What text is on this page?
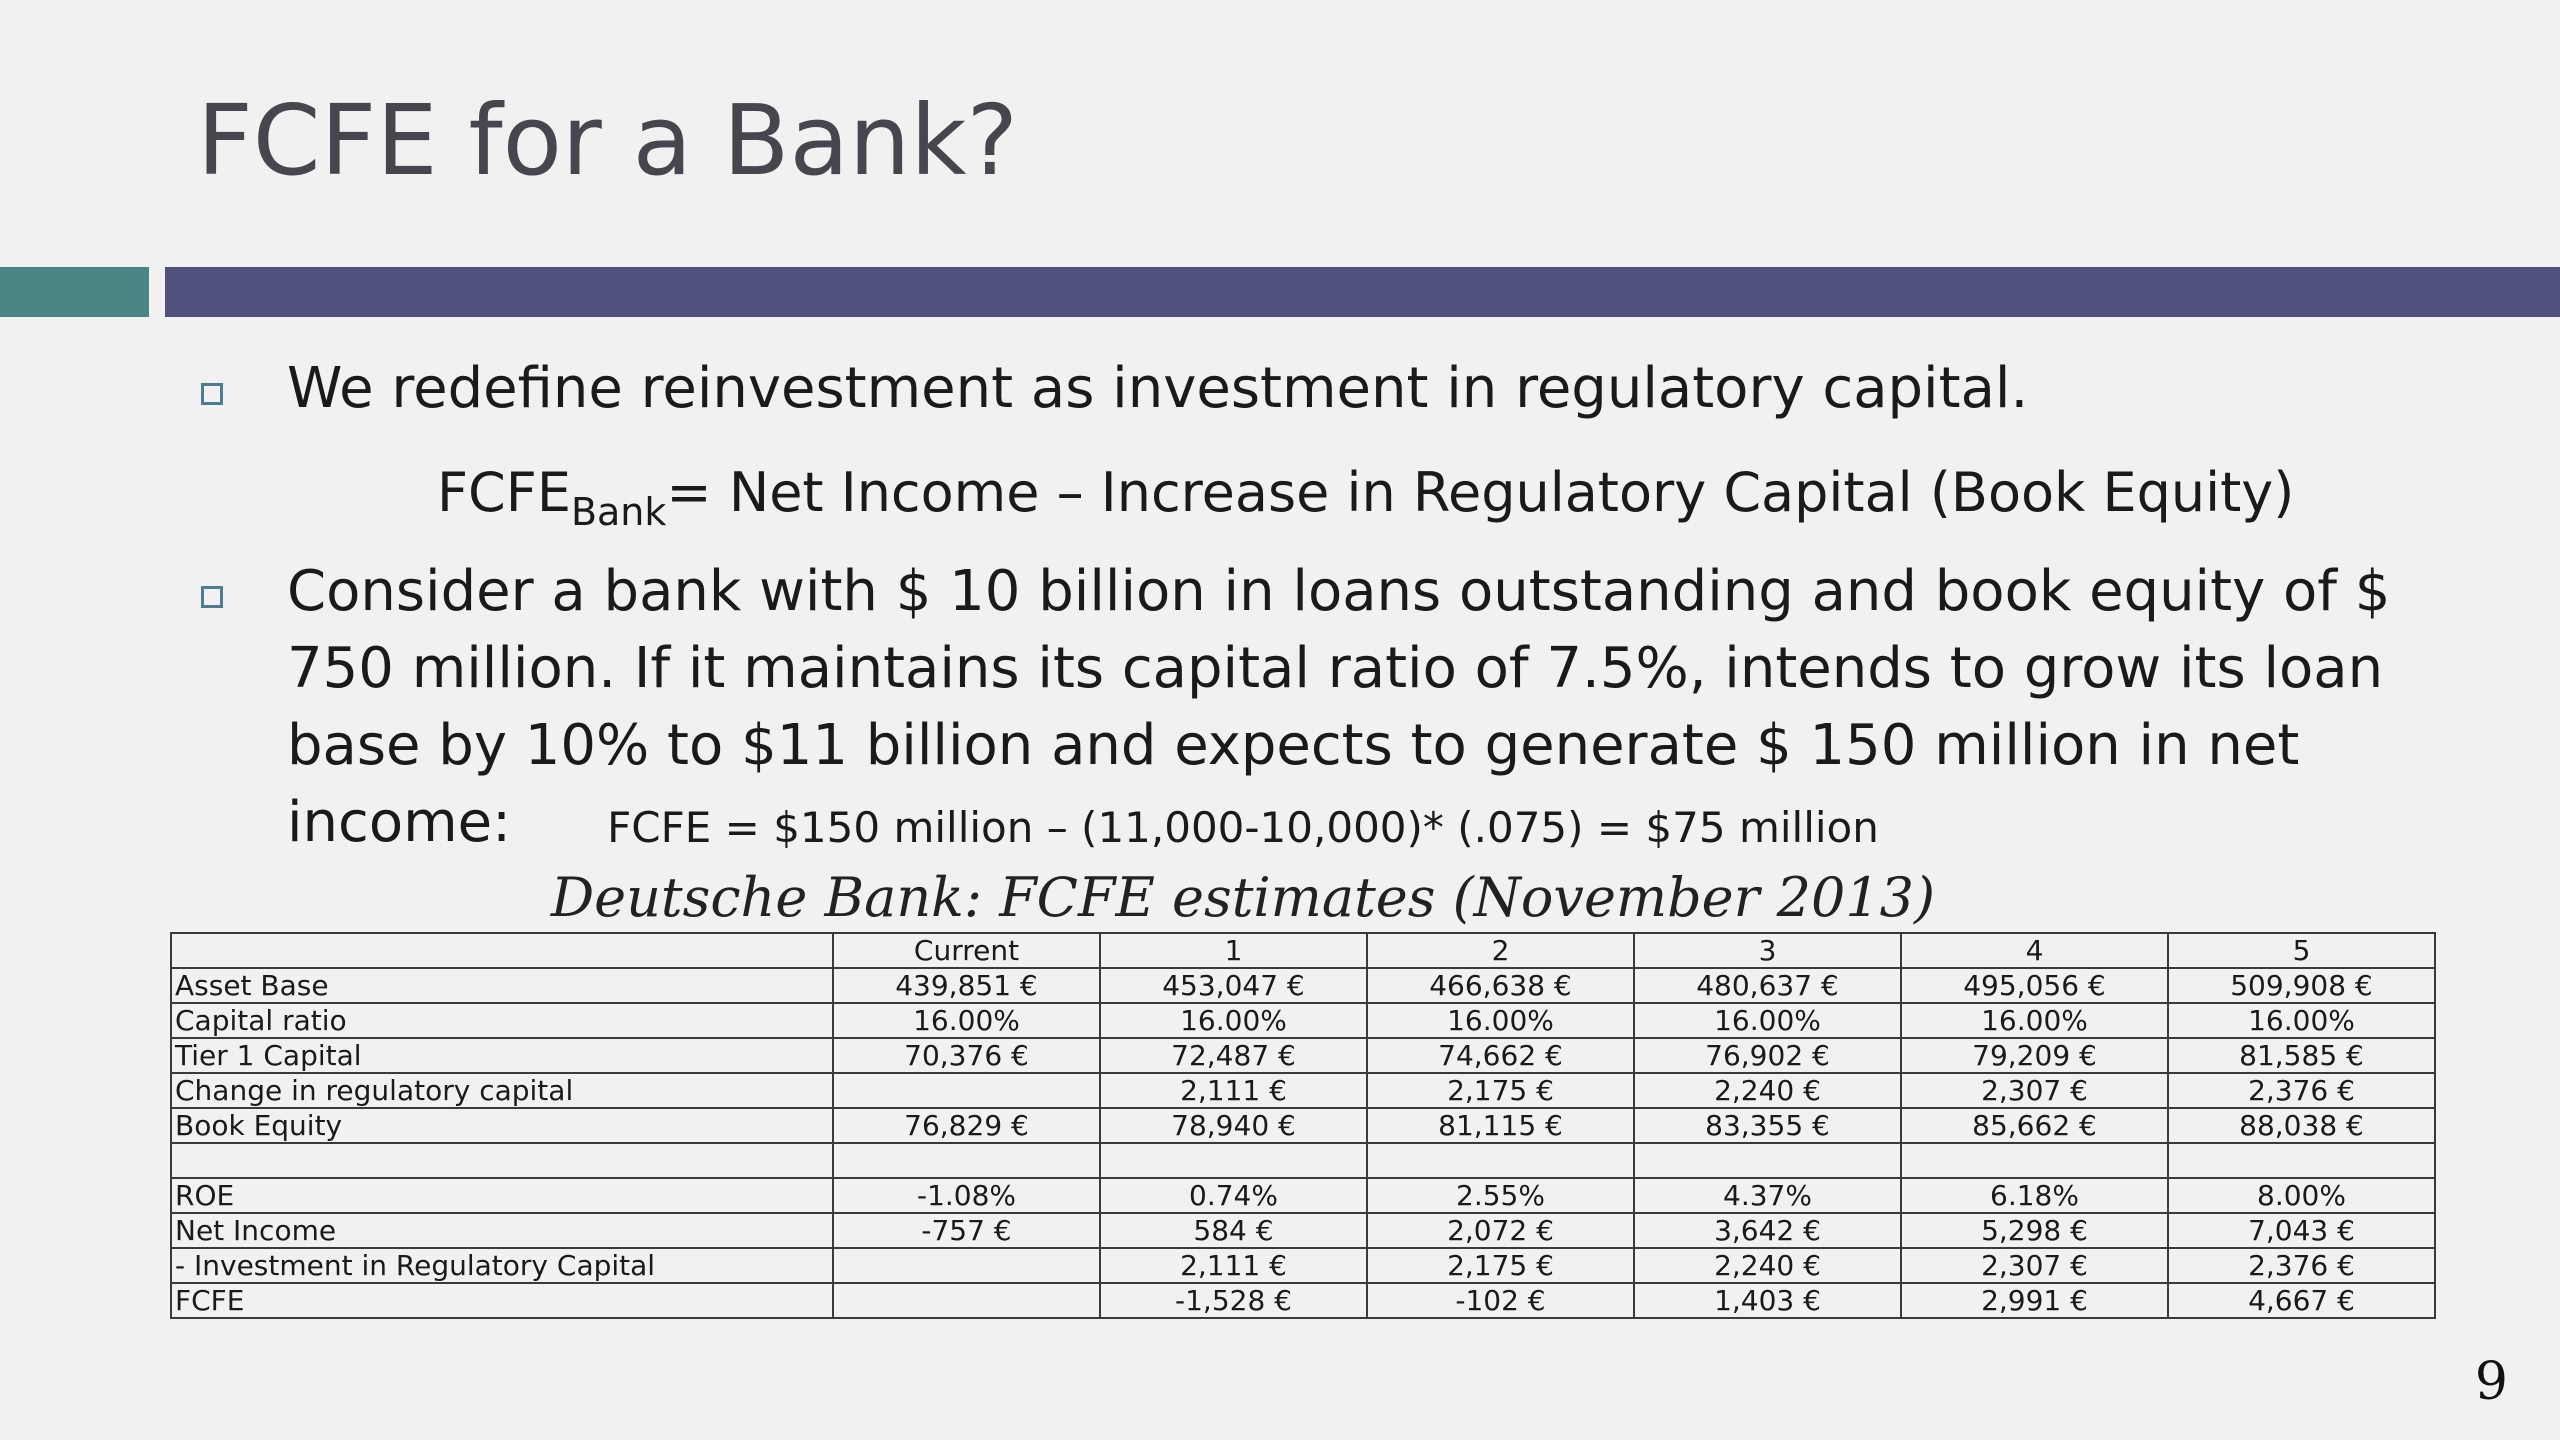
FCFE for a Bank?
We redefine reinvestment as investment in regulatory capital.
$FCFE_{Bank}=$ Net Income – Increase in Regulatory Capital (Book Equity)
Consider a bank with $ 10 billion in loans outstanding and book equity of $ 750 million. If it maintains its capital ratio of 7.5%, intends to grow its loan base by 10% to $11 billion and expects to generate $ 150 million in net income:	FCFE = $150 million – (11,000-10,000)* (.075) = $75 million
Deutsche Bank: FCFE estimates (November 2013)
	Current	1	2	3	4	5
Asset Base	439,851 €	453,047 €	466,638 €	480,637 €	495,056 €	509,908 €
Capital ratio	16.00%	16.00%	16.00%	16.00%	16.00%	16.00%
Tier 1 Capital	70,376 €	72,487 €	74,662 €	76,902 €	79,209 €	81,585 €
Change in regulatory capital		2,111 €	2,175 €	2,240 €	2,307 €	2,376 €
Book Equity	76,829 €	78,940 €	81,115 €	83,355 €	85,662 €	88,038 €

ROE	-1.08%	0.74%	2.55%	4.37%	6.18%	8.00%
Net Income	-757 €	584 €	2,072 €	3,642 €	5,298 €	7,043 €
- Investment in Regulatory Capital		2,111 €	2,175 €	2,240 €	2,307 €	2,376 €
FCFE		-1,528 €	-102 €	1,403 €	2,991 €	4,667 €
9
